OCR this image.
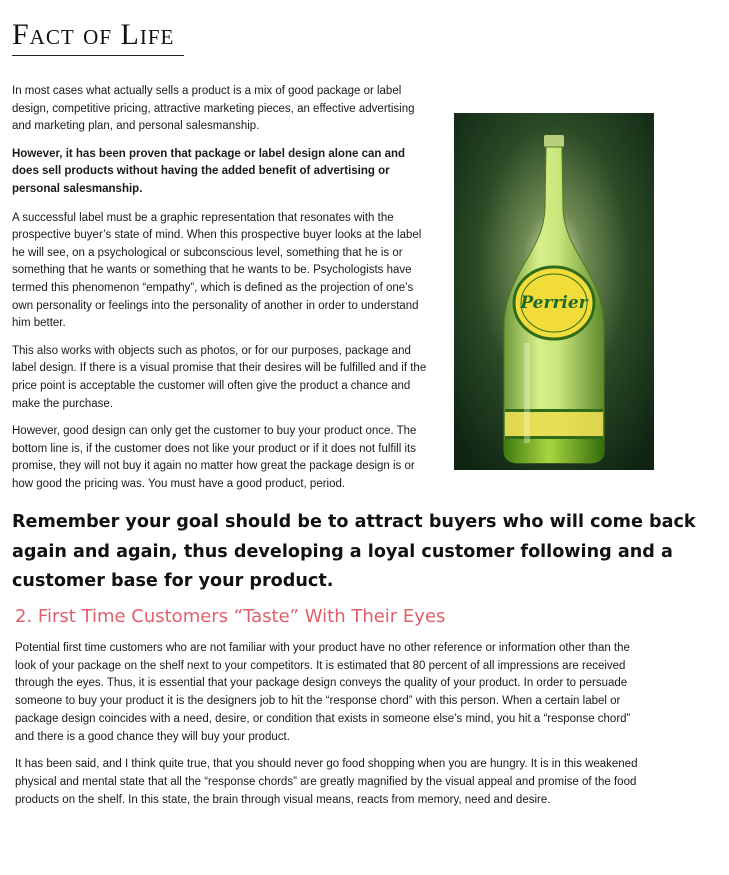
Fact of Life

In most cases what actually sells a product is a mix of good package or label design, competitive pricing, attractive marketing pieces, an effective advertising and marketing plan, and personal salesmanship.

However, it has been proven that package or label design alone can and does sell products without having the added benefit of advertising or personal salesmanship.

A successful label must be a graphic representation that resonates with the prospective buyer’s state of mind. When this prospective buyer looks at the label he will see, on a psychological or subconscious level, something that he is or something that he wants or something that he wants to be. Psychologists have termed this phenomenon “empathy”, which is defined as the projection of one’s own personality or feelings into the personality of another in order to understand him better.

This also works with objects such as photos, or for our purposes, package and label design. If there is a visual promise that their desires will be fulfilled and if the price point is acceptable the customer will often give the product a chance and make the purchase.

However, good design can only get the customer to buy your product once. The bottom line is, if the customer does not like your product or if it does not fulfill its promise, they will not buy it again no matter how great the package design is or how good the pricing was. You must have a good product, period.

Perrier

Remember your goal should be to attract buyers who will come back again and again, thus developing a loyal customer following and a customer base for your product.

2. First Time Customers “Taste” With Their Eyes

Potential first time customers who are not familiar with your product have no other reference or information other than the look of your package on the shelf next to your competitors. It is estimated that 80 percent of all impressions are received through the eyes. Thus, it is essential that your package design conveys the quality of your product. In order to persuade someone to buy your product it is the designers job to hit the “response chord” with this person. When a certain label or package design coincides with a need, desire, or condition that exists in someone else’s mind, you hit a “response chord” and there is a good chance they will buy your product.

It has been said, and I think quite true, that you should never go food shopping when you are hungry. It is in this weakened physical and mental state that all the “response chords” are greatly magnified by the visual appeal and promise of the food products on the shelf. In this state, the brain through visual means, reacts from memory, need and desire.
